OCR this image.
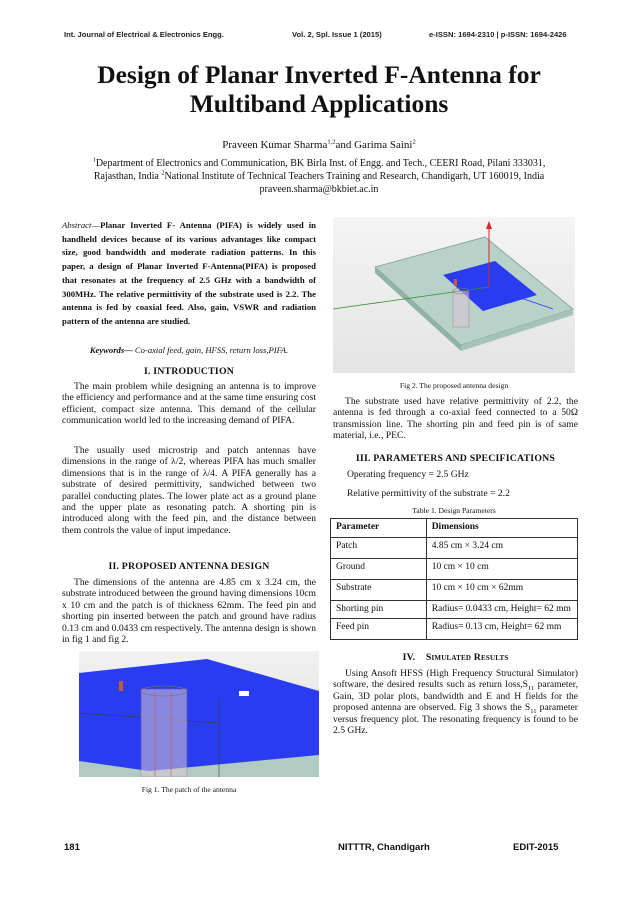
Int. Journal of Electrical & Electronics Engg.	Vol. 2, Spl. Issue 1 (2015)	e-ISSN: 1694-2310 | p-ISSN: 1694-2426
Design of Planar Inverted F-Antenna for Multiband Applications
Praveen Kumar Sharma$^{1,2}$and Garima Saini$^2$
$^1$Department of Electronics and Communication, BK Birla Inst. of Engg. and Tech., CEERI Road, Pilani 333031,
Rajasthan, India $^2$National Institute of Technical Teachers Training and Research, Chandigarh, UT 160019, India
praveen.sharma@bkbiet.ac.in
Abstract—Planar Inverted F- Antenna (PIFA) is widely used in handheld devices because of its various advantages like compact size, good bandwidth and moderate radiation patterns. In this paper, a design of Planar Inverted F-Antenna(PIFA) is proposed that resonates at the frequency of 2.5 GHz with a bandwidth of 300MHz. The relative permittivity of the substrate used is 2.2. The antenna is fed by coaxial feed. Also, gain, VSWR and radiation pattern of the antenna are studied.
Keywords— Co-axial feed, gain, HFSS, return loss,PIFA.
I. INTRODUCTION
The main problem while designing an antenna is to improve the efficiency and performance and at the same time ensuring cost efficient, compact size antenna. This demand of the cellular communication world led to the increasing demand of PIFA.
The usually used microstrip and patch antennas have dimensions in the range of λ/2, whereas PIFA has much smaller dimensions that is in the range of λ/4. A PIFA generally has a substrate of desired permittivity, sandwiched between two parallel conducting plates. The lower plate act as a ground plane and the upper plate as resonating patch. A shorting pin is introduced along with the feed pin, and the distance between them controls the value of input impedance.
II. PROPOSED ANTENNA DESIGN
The dimensions of the antenna are 4.85 cm x 3.24 cm, the substrate introduced between the ground having dimensions 10cm x 10 cm and the patch is of thickness 62mm. The feed pin and shorting pin inserted between the patch and ground have radius 0.13 cm and 0.0433 cm respectively. The antenna design is shown in fig 1 and fig 2.
Fig 1. The patch of the antenna
Fig 2. The proposed antenna design
The substrate used have relative permittivity of 2.2, the antenna is fed through a co-axial feed connected to a 50Ω transmission line. The shorting pin and feed pin is of same material, i.e., PEC.
III. PARAMETERS AND SPECIFICATIONS
Operating frequency = 2.5 GHz
Relative permittivity of the substrate = 2.2
Table 1. Design Parameters
Parameter	Dimensions
Patch	4.85 cm × 3.24 cm
Ground	10 cm × 10 cm
Substrate	10 cm × 10 cm × 62mm
Shorting pin	Radius= 0.0433 cm, Height= 62 mm
Feed pin	Radius= 0.13 cm, Height= 62 mm
IV. Simulated Results
Using Ansoft HFSS (High Frequency Structural Simulator) software, the desired results such as return $loss,S_{11}$ parameter, Gain, 3D polar plots, bandwidth and E and H fields for the proposed antenna are observed. Fig 3 shows the $S_{11}$ parameter versus frequency plot. The resonating frequency is found to be 2.5 GHz.
181	NITTTR, Chandigarh	EDIT-2015
